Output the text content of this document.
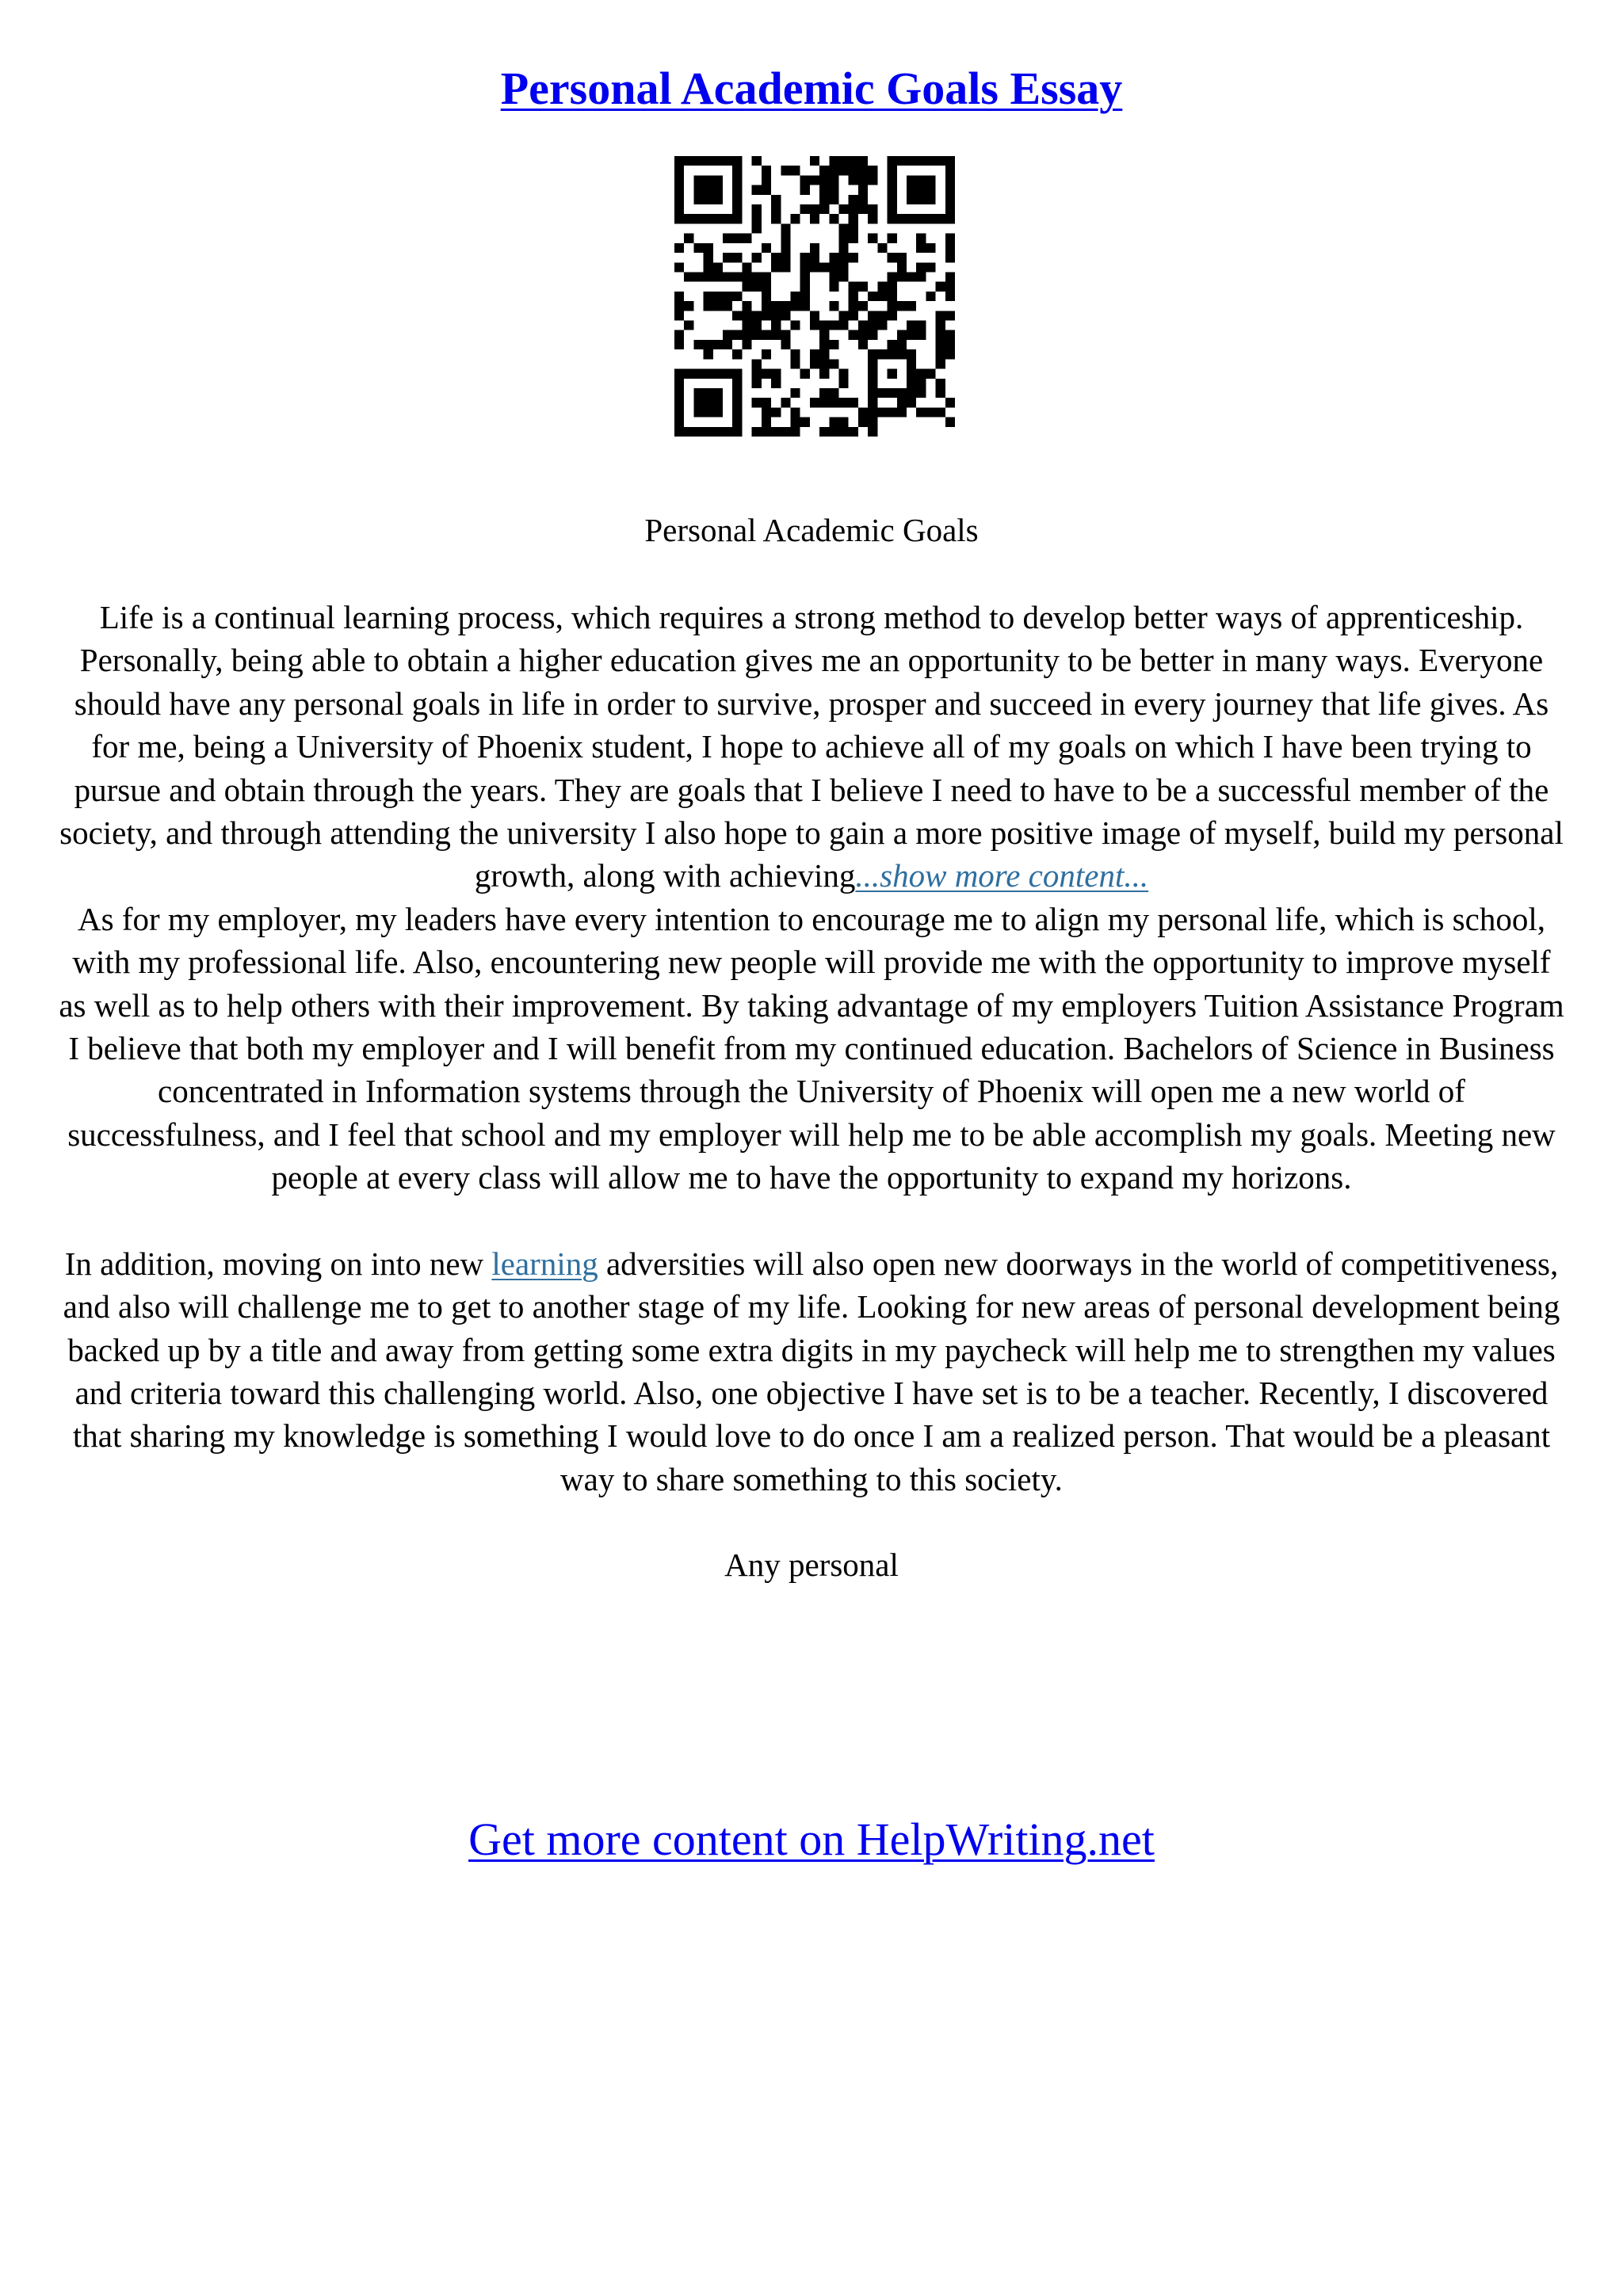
Personal Academic Goals Essay
Personal Academic Goals

Life is a continual learning process, which requires a strong method to develop better ways of apprenticeship. Personally, being able to obtain a higher education gives me an opportunity to be better in many ways. Everyone should have any personal goals in life in order to survive, prosper and succeed in every journey that life gives. As for me, being a University of Phoenix student, I hope to achieve all of my goals on which I have been trying to pursue and obtain through the years. They are goals that I believe I need to have to be a successful member of the society, and through attending the university I also hope to gain a more positive image of myself, build my personal growth, along with achieving...show more content...

As for my employer, my leaders have every intention to encourage me to align my personal life, which is school, with my professional life. Also, encountering new people will provide me with the opportunity to improve myself as well as to help others with their improvement. By taking advantage of my employers Tuition Assistance Program I believe that both my employer and I will benefit from my continued education. Bachelors of Science in Business concentrated in Information systems through the University of Phoenix will open me a new world of successfulness, and I feel that school and my employer will help me to be able accomplish my goals. Meeting new people at every class will allow me to have the opportunity to expand my horizons.

In addition, moving on into new learning adversities will also open new doorways in the world of competitiveness, and also will challenge me to get to another stage of my life. Looking for new areas of personal development being backed up by a title and away from getting some extra digits in my paycheck will help me to strengthen my values and criteria toward this challenging world. Also, one objective I have set is to be a teacher. Recently, I discovered that sharing my knowledge is something I would love to do once I am a realized person. That would be a pleasant way to share something to this society.

Any personal

Get more content on HelpWriting.net
